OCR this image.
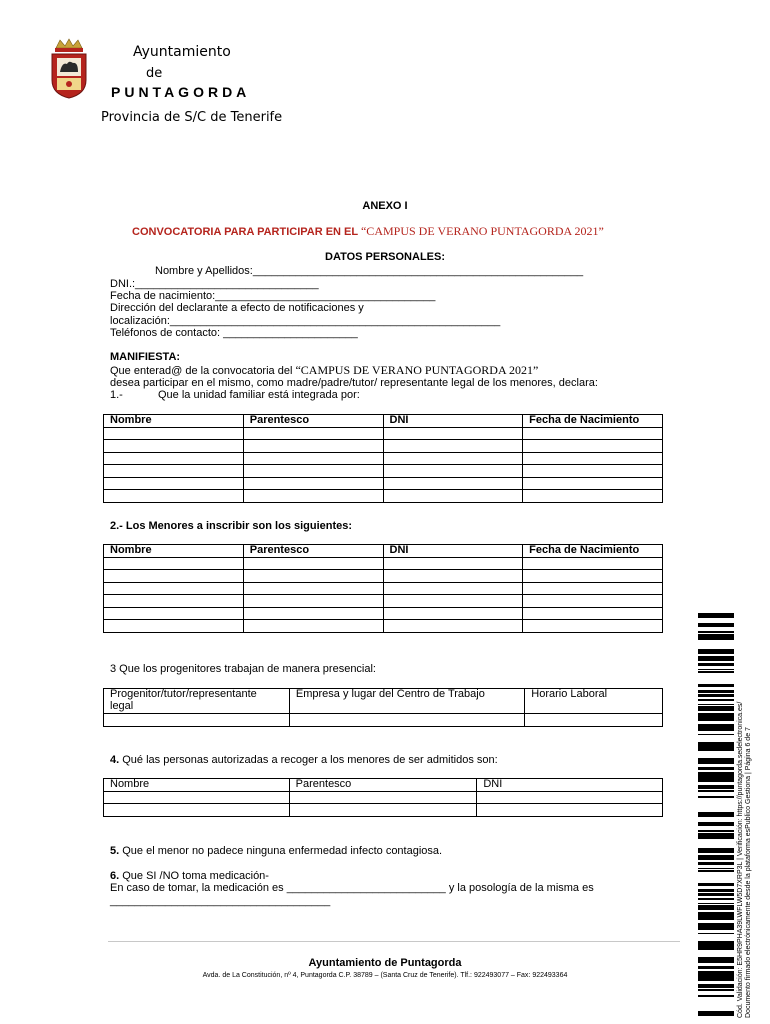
Ayuntamiento
de
PUNTAGORDA
Provincia de S/C de Tenerife
ANEXO I
CONVOCATORIA PARA PARTICIPAR EN EL “CAMPUS DE VERANO PUNTAGORDA 2021”
DATOS PERSONALES:
Nombre y Apellidos:______________________________________________________
DNI.:______________________________
Fecha de nacimiento:____________________________________
Dirección del declarante a efecto de notificaciones y
localización:______________________________________________________
Teléfonos de contacto: ______________________
MANIFIESTA:
Que enterad@ de la convocatoria del “CAMPUS DE VERANO PUNTAGORDA 2021”
desea participar en el mismo, como madre/padre/tutor/ representante legal de los menores, declara:
1.-	Que la unidad familiar está integrada por:
Nombre	Parentesco	DNI	Fecha de Nacimiento

2.- Los Menores a inscribir son los siguientes:
Nombre	Parentesco	DNI	Fecha de Nacimiento

3 Que los progenitores trabajan de manera presencial:
Progenitor/tutor/representante legal	Empresa y lugar del Centro de Trabajo	Horario Laboral

4. Qué las personas autorizadas a recoger a los menores de ser admitidos son:
Nombre	Parentesco	DNI

5. Que el menor no padece ninguna enfermedad infecto contagiosa.
6. Que SI /NO toma medicación-
En caso de tomar, la medicación es __________________________ y la posología de la misma es
____________________________________
Ayuntamiento de Puntagorda
Avda. de La Constitución, nº 4, Puntagorda C.P. 38789 – (Santa Cruz de Tenerife). Tlf.: 922493077 – Fax: 922493364	Cód. Validación: E5HR9PHA39LWFLW5D7XRP3L | Verificación: https://puntagorda.sedelectronica.es/ Documento firmado electrónicamente desde la plataforma esPublico Gestiona | Página 6 de 7
